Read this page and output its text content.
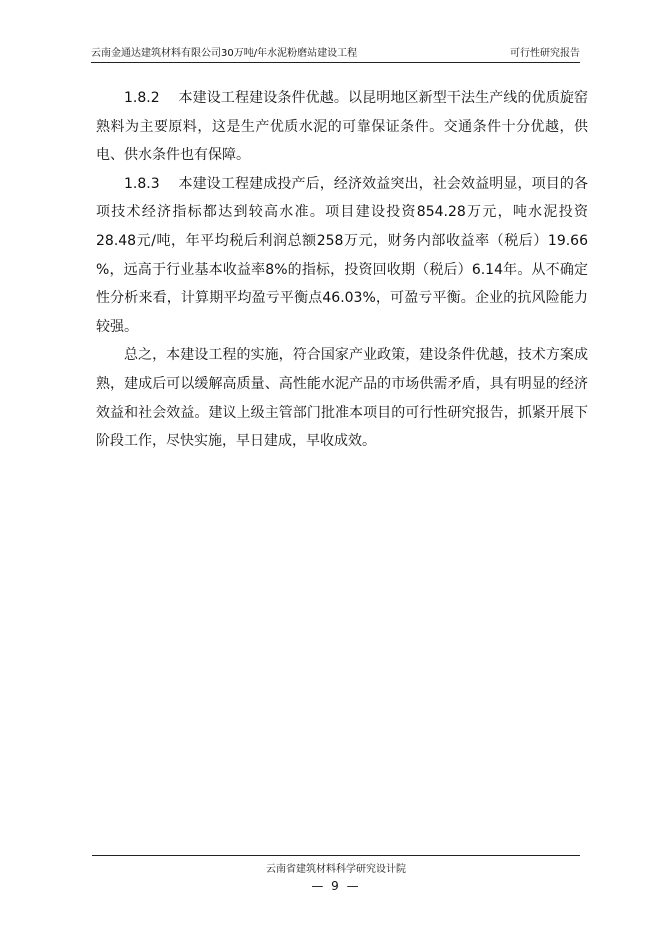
云南金通达建筑材料有限公司30万吨/年水泥粉磨站建设工程	可行性研究报告

1.8.2　 本建设工程建设条件优越。以昆明地区新型干法生产线的优质旋窑熟料为主要原料，这是生产优质水泥的可靠保证条件。交通条件十分优越，供电、供水条件也有保障。

1.8.3　 本建设工程建成投产后，经济效益突出，社会效益明显，项目的各项技术经济指标都达到较高水准。项目建设投资854.28万元，吨水泥投资28.48元/吨，年平均税后利润总额258万元，财务内部收益率（税后）19.66　%，远高于行业基本收益率8%的指标，投资回收期（税后）6.14年。从不确定性分析来看，计算期平均盈亏平衡点46.03%，可盈亏平衡。企业的抗风险能力较强。

总之，本建设工程的实施，符合国家产业政策，建设条件优越，技术方案成熟，建成后可以缓解高质量、高性能水泥产品的市场供需矛盾，具有明显的经济效益和社会效益。建议上级主管部门批准本项目的可行性研究报告，抓紧开展下阶段工作，尽快实施，早日建成，早收成效。

云南省建筑材料科学研究设计院
— 9 —
